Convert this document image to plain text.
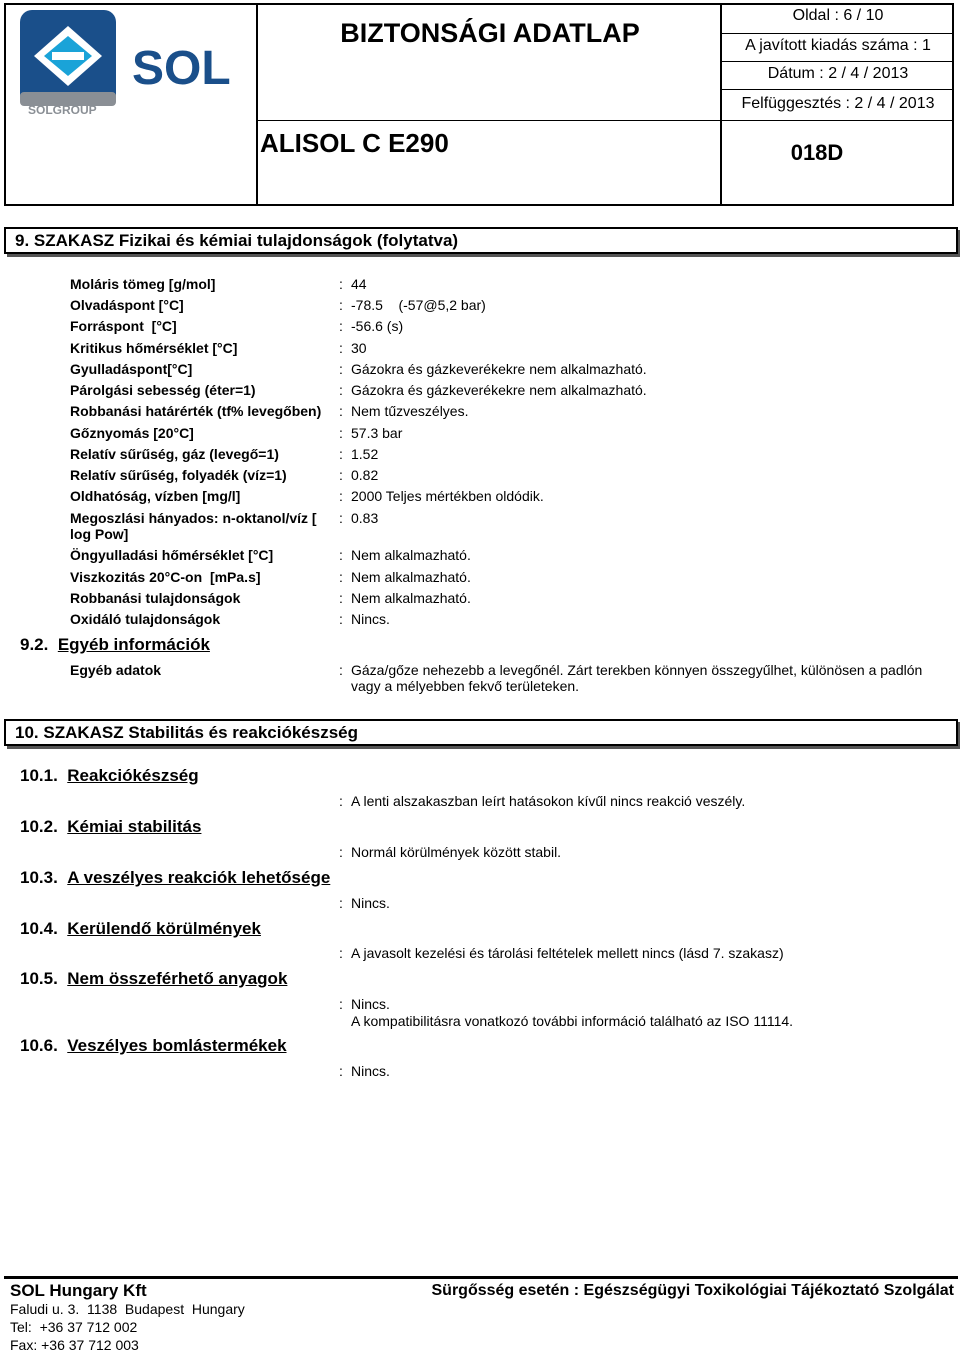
SOL
SOLGROUP
BIZTONSÁGI ADATLAP
ALISOL C E290
Oldal : 6 / 10
A javított kiadás száma : 1
Dátum : 2 / 4 / 2013
Felfüggesztés : 2 / 4 / 2013
018D
9. SZAKASZ Fizikai és kémiai tulajdonságok (folytatva)
Moláris tömeg [g/mol]	: 44
Olvadáspont [°C]	: -78.5    (-57@5,2 bar)
Forráspont  [°C]	: -56.6 (s)
Kritikus hőmérséklet [°C]	: 30
Gyulladáspont[°C]	: Gázokra és gázkeverékekre nem alkalmazható.
Párolgási sebesség (éter=1)	: Gázokra és gázkeverékekre nem alkalmazható.
Robbanási határérték (tf% levegőben)	: Nem tűzveszélyes.
Gőznyomás [20°C]	: 57.3 bar
Relatív sűrűség, gáz (levegő=1)	: 1.52
Relatív sűrűség, folyadék (víz=1)	: 0.82
Oldhatóság, vízben [mg/l]	: 2000 Teljes mértékben oldódik.
Megoszlási hányados: n-oktanol/víz [ log Pow]
: 0.83
Öngyulladási hőmérséklet [°C]	: Nem alkalmazható.
Viszkozitás 20°C-on  [mPa.s]	: Nem alkalmazható.
Robbanási tulajdonságok	: Nem alkalmazható.
Oxidáló tulajdonságok	: Nincs.
9.2. Egyéb információk
Egyéb adatok	: Gáza/gőze nehezebb a levegőnél. Zárt terekben könnyen összegyűlhet, különösen a padlón vagy a mélyebben fekvő területeken.
10. SZAKASZ Stabilitás és reakciókészség
10.1. Reakciókészség
: A lenti alszakaszban leírt hatásokon kívűl nincs reakció veszély.
10.2. Kémiai stabilitás
: Normál körülmények között stabil.
10.3. A veszélyes reakciók lehetősége
: Nincs.
10.4. Kerülendő körülmények
: A javasolt kezelési és tárolási feltételek mellett nincs (lásd 7. szakasz)
10.5. Nem összeférhető anyagok
: Nincs.
A kompatibilitásra vonatkozó további információ található az ISO 11114.
10.6. Veszélyes bomlástermékek
: Nincs.
SOL Hungary Kft
Faludi u. 3.  1138  Budapest  Hungary
Tel:  +36 37 712 002
Fax: +36 37 712 003
Sürgősség esetén : Egészségügyi Toxikológiai Tájékoztató Szolgálat
